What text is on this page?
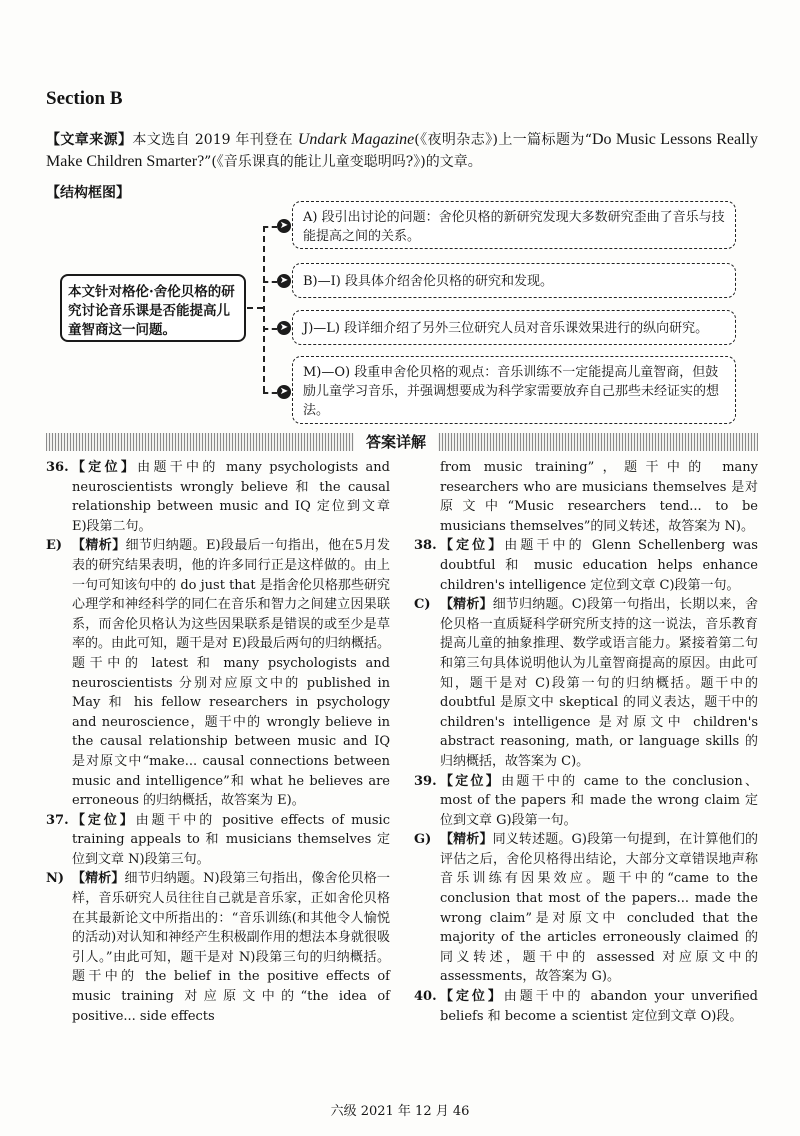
Section B
【文章来源】本文选自 2019 年刊登在 Undark Magazine(《夜明杂志》)上一篇标题为“Do Music Lessons Really Make Children Smarter?”(《音乐课真的能让儿童变聪明吗?》)的文章。
【结构框图】
本文针对格伦·舍伦贝格的研究讨论音乐课是否能提高儿童智商这一问题。
➤
A) 段引出讨论的问题：舍伦贝格的新研究发现大多数研究歪曲了音乐与技能提高之间的关系。
➤	B)—I) 段具体介绍舍伦贝格的研究和发现。
➤	J)—L) 段详细介绍了另外三位研究人员对音乐课效果进行的纵向研究。
➤
M)—O) 段重申舍伦贝格的观点：音乐训练不一定能提高儿童智商，但鼓励儿童学习音乐，并强调想要成为科学家需要放弃自己那些未经证实的想法。
答案详解

36. 【定位】由题干中的 many psychologists and neuroscientists wrongly believe 和 the causal relationship between music and IQ 定位到文章 E)段第二句。

E) 【精析】细节归纳题。E)段最后一句指出，他在5月发表的研究结果表明，他的许多同行正是这样做的。由上一句可知该句中的 do just that 是指舍伦贝格那些研究心理学和神经科学的同仁在音乐和智力之间建立因果联系，而舍伦贝格认为这些因果联系是错误的或至少是草率的。由此可知，题干是对 E)段最后两句的归纳概括。题干中的 latest 和 many psychologists and neuroscientists 分别对应原文中的 published in May 和 his fellow researchers in psychology and neuroscience，题干中的 wrongly believe in the causal relationship between music and IQ 是对原文中“make... causal connections between music and intelligence”和 what he believes are erroneous 的归纳概括，故答案为 E)。

37. 【定位】由题干中的 positive effects of music training appeals to 和 musicians themselves 定位到文章 N)段第三句。

N) 【精析】细节归纳题。N)段第三句指出，像舍伦贝格一样，音乐研究人员往往自己就是音乐家，正如舍伦贝格在其最新论文中所指出的：“音乐训练(和其他令人愉悦的活动)对认知和神经产生积极副作用的想法本身就很吸引人。”由此可知，题干是对 N)段第三句的归纳概括。题干中的 the belief in the positive effects of music training 对应原文中的“the idea of positive... side effects

from music training”，题干中的 many researchers who are musicians themselves 是对原文中“Music researchers tend... to be musicians themselves”的同义转述，故答案为 N)。

38. 【定位】由题干中的 Glenn Schellenberg was doubtful 和 music education helps enhance children's intelligence 定位到文章 C)段第一句。

C) 【精析】细节归纳题。C)段第一句指出，长期以来，舍伦贝格一直质疑科学研究所支持的这一说法，音乐教育提高儿童的抽象推理、数学或语言能力。紧接着第二句和第三句具体说明他认为儿童智商提高的原因。由此可知，题干是对 C)段第一句的归纳概括。题干中的 doubtful 是原文中 skeptical 的同义表达，题干中的 children's intelligence 是对原文中 children's abstract reasoning, math, or language skills 的归纳概括，故答案为 C)。

39. 【定位】由题干中的 came to the conclusion、most of the papers 和 made the wrong claim 定位到文章 G)段第一句。

G) 【精析】同义转述题。G)段第一句提到，在计算他们的评估之后，舍伦贝格得出结论，大部分文章错误地声称音乐训练有因果效应。题干中的“came to the conclusion that most of the papers... made the wrong claim”是对原文中 concluded that the majority of the articles erroneously claimed 的同义转述，题干中的 assessed 对应原文中的 assessments，故答案为 G)。

40. 【定位】由题干中的 abandon your unverified beliefs 和 become a scientist 定位到文章 O)段。

六级 2021 年 12 月 46
